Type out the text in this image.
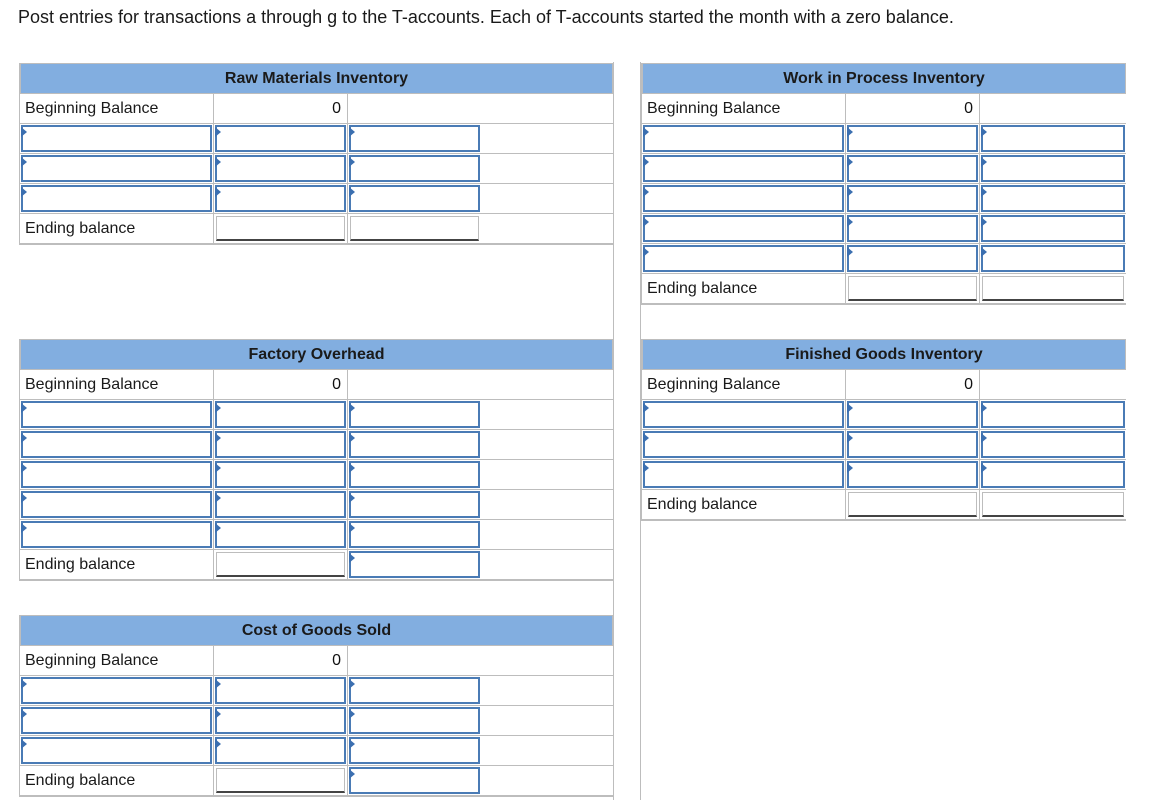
Post entries for transactions a through g to the T-accounts. Each of T-accounts started the month with a zero balance.
Raw Materials Inventory
Beginning Balance	0
Ending balance
Factory Overhead
Beginning Balance	0
Ending balance
Cost of Goods Sold
Beginning Balance	0
Ending balance
Work in Process Inventory
Beginning Balance	0
Ending balance
Finished Goods Inventory
Beginning Balance	0
Ending balance
